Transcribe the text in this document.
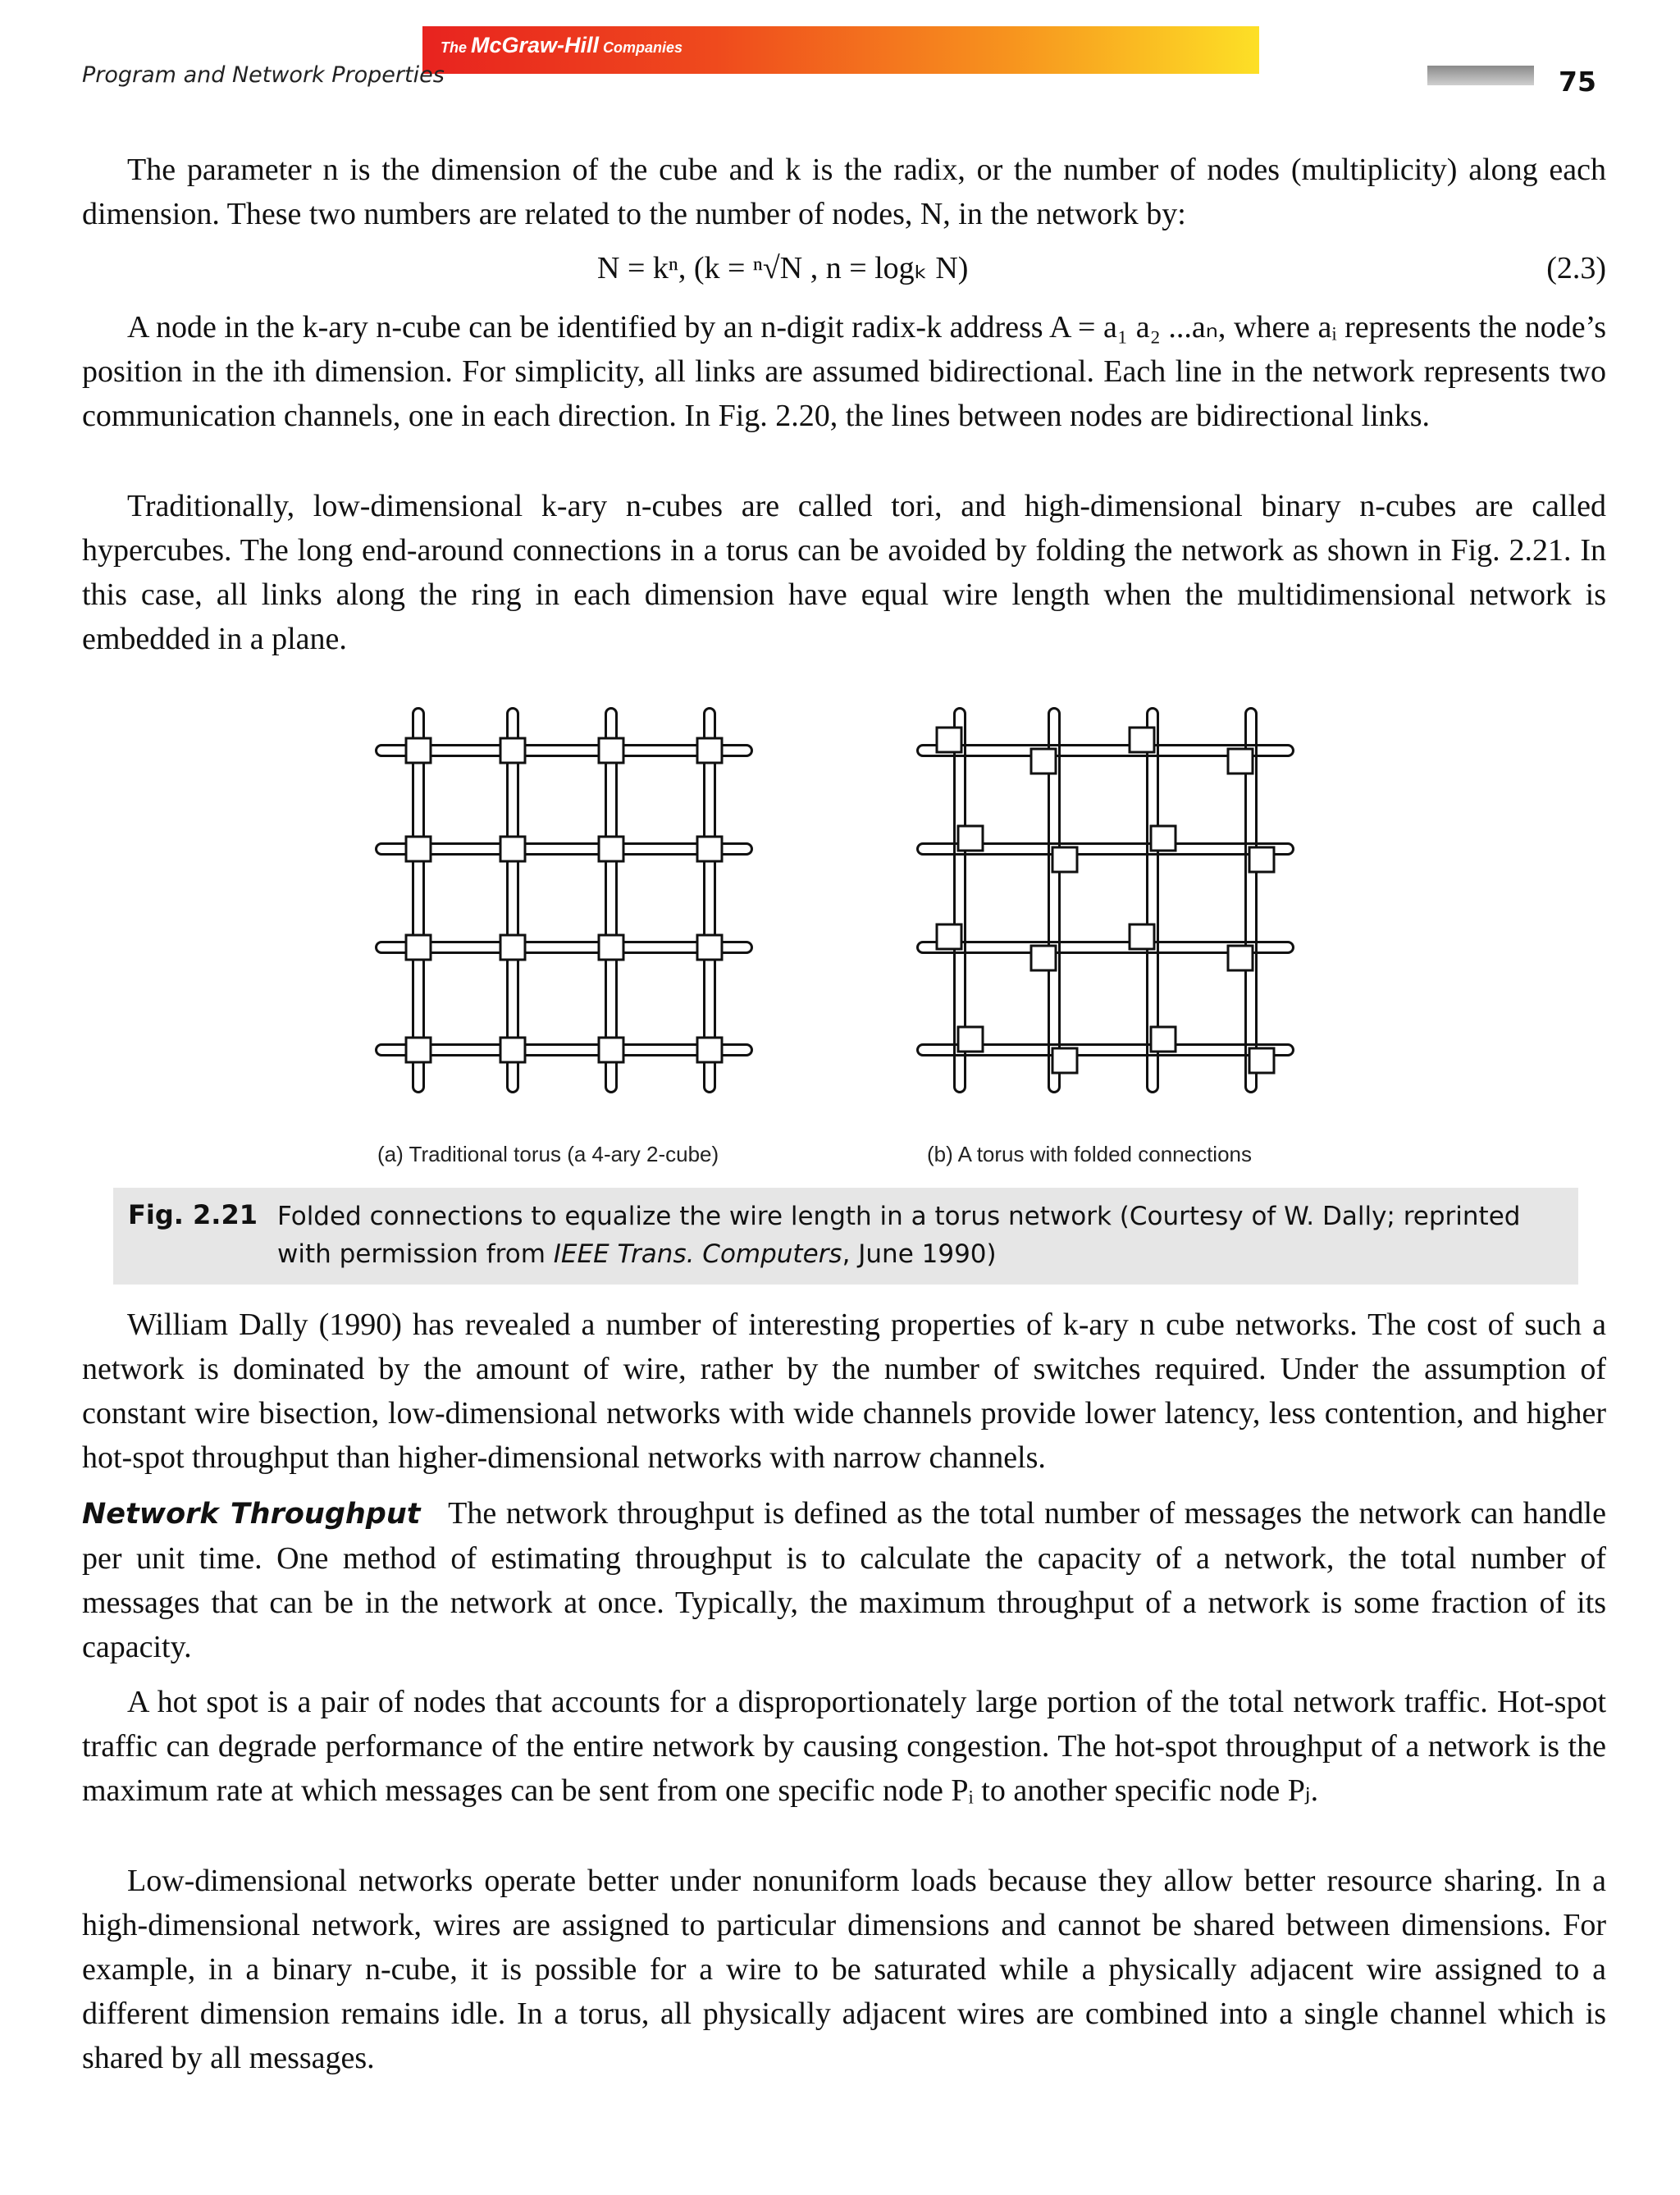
The McGraw-Hill Companies
Program and Network Properties	75

The parameter n is the dimension of the cube and k is the radix, or the number of nodes (multiplicity) along each dimension. These two numbers are related to the number of nodes, N, in the network by:

N = kⁿ, (k = ⁿ√N , n = logₖ N)	(2.3)

A node in the k-ary n-cube can be identified by an n-digit radix-k address A = a₁ a₂ ...aₙ, where aᵢ represents the node’s position in the ith dimension. For simplicity, all links are assumed bidirectional. Each line in the network represents two communication channels, one in each direction. In Fig. 2.20, the lines between nodes are bidirectional links.

Traditionally, low-dimensional k-ary n-cubes are called tori, and high-dimensional binary n-cubes are called hypercubes. The long end-around connections in a torus can be avoided by folding the network as shown in Fig. 2.21. In this case, all links along the ring in each dimension have equal wire length when the multidimensional network is embedded in a plane.

(a) Traditional torus (a 4-ary 2-cube)	(b) A torus with folded connections
Fig. 2.21 Folded connections to equalize the wire length in a torus network (Courtesy of W. Dally; reprinted
with permission from IEEE Trans. Computers, June 1990)

William Dally (1990) has revealed a number of interesting properties of k-ary n cube networks. The cost of such a network is dominated by the amount of wire, rather by the number of switches required. Under the assumption of constant wire bisection, low-dimensional networks with wide channels provide lower latency, less contention, and higher hot-spot throughput than higher-dimensional networks with narrow channels.

Network Throughput The network throughput is defined as the total number of messages the network can handle per unit time. One method of estimating throughput is to calculate the capacity of a network, the total number of messages that can be in the network at once. Typically, the maximum throughput of a network is some fraction of its capacity.

A hot spot is a pair of nodes that accounts for a disproportionately large portion of the total network traffic. Hot-spot traffic can degrade performance of the entire network by causing congestion. The hot-spot throughput of a network is the maximum rate at which messages can be sent from one specific node Pᵢ to another specific node Pⱼ.

Low-dimensional networks operate better under nonuniform loads because they allow better resource sharing. In a high-dimensional network, wires are assigned to particular dimensions and cannot be shared between dimensions. For example, in a binary n-cube, it is possible for a wire to be saturated while a physically adjacent wire assigned to a different dimension remains idle. In a torus, all physically adjacent wires are combined into a single channel which is shared by all messages.
